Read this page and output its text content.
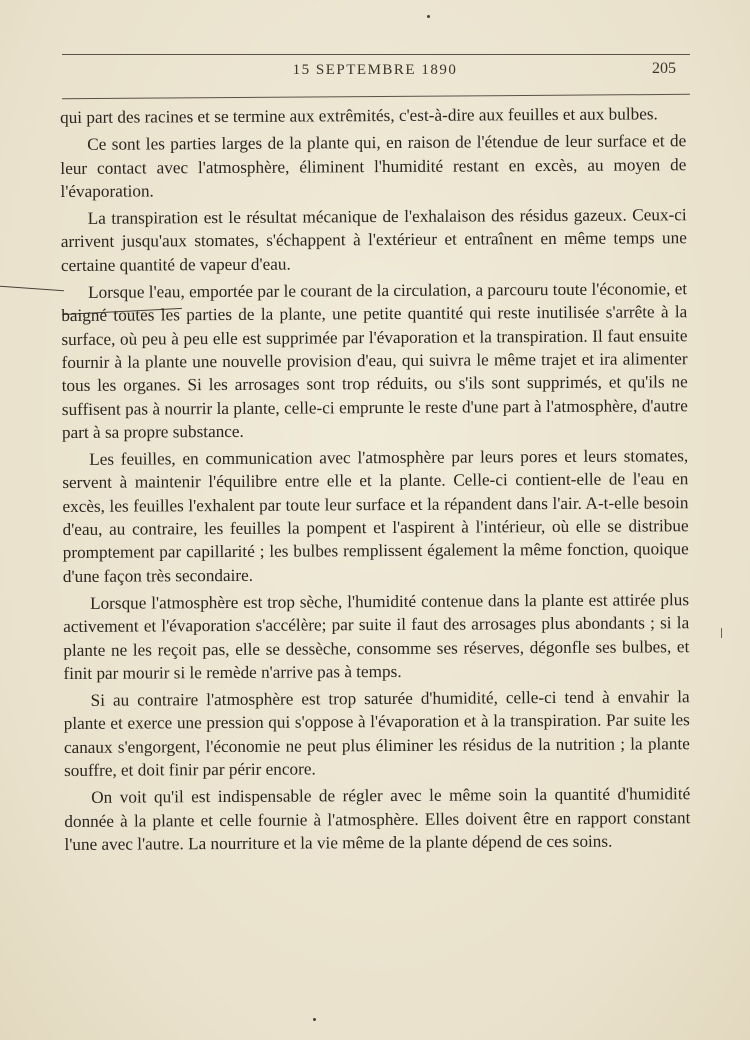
15 SEPTEMBRE 1890	205

qui part des racines et se termine aux extrêmités, c'est-à-dire aux feuilles et aux bulbes.

Ce sont les parties larges de la plante qui, en raison de l'étendue de leur surface et de leur contact avec l'atmosphère, éliminent l'humidité restant en excès, au moyen de l'évaporation.

La transpiration est le résultat mécanique de l'exhalaison des résidus gazeux. Ceux-ci arrivent jusqu'aux stomates, s'échappent à l'extérieur et entraînent en même temps une certaine quantité de vapeur d'eau.

Lorsque l'eau, emportée par le courant de la circulation, a parcouru toute l'économie, et baigné toutes les parties de la plante, une petite quantité qui reste inutilisée s'arrête à la surface, où peu à peu elle est supprimée par l'évaporation et la transpiration. Il faut ensuite fournir à la plante une nouvelle provision d'eau, qui suivra le même trajet et ira alimenter tous les organes. Si les arrosages sont trop réduits, ou s'ils sont supprimés, et qu'ils ne suffisent pas à nourrir la plante, celle-ci emprunte le reste d'une part à l'atmosphère, d'autre part à sa propre substance.

Les feuilles, en communication avec l'atmosphère par leurs pores et leurs stomates, servent à maintenir l'équilibre entre elle et la plante. Celle-ci contient-elle de l'eau en excès, les feuilles l'exhalent par toute leur surface et la répandent dans l'air. A-t-elle besoin d'eau, au contraire, les feuilles la pompent et l'aspirent à l'intérieur, où elle se distribue promptement par capillarité ; les bulbes remplissent également la même fonction, quoique d'une façon très secondaire.

Lorsque l'atmosphère est trop sèche, l'humidité contenue dans la plante est attirée plus activement et l'évaporation s'accélère; par suite il faut des arrosages plus abondants ; si la plante ne les reçoit pas, elle se dessèche, consomme ses réserves, dégonfle ses bulbes, et finit par mourir si le remède n'arrive pas à temps.

Si au contraire l'atmosphère est trop saturée d'humidité, celle-ci tend à envahir la plante et exerce une pression qui s'oppose à l'évaporation et à la transpiration. Par suite les canaux s'engorgent, l'économie ne peut plus éliminer les résidus de la nutrition ; la plante souffre, et doit finir par périr encore.

On voit qu'il est indispensable de régler avec le même soin la quantité d'humidité donnée à la plante et celle fournie à l'atmosphère. Elles doivent être en rapport constant l'une avec l'autre. La nourriture et la vie même de la plante dépend de ces soins.
